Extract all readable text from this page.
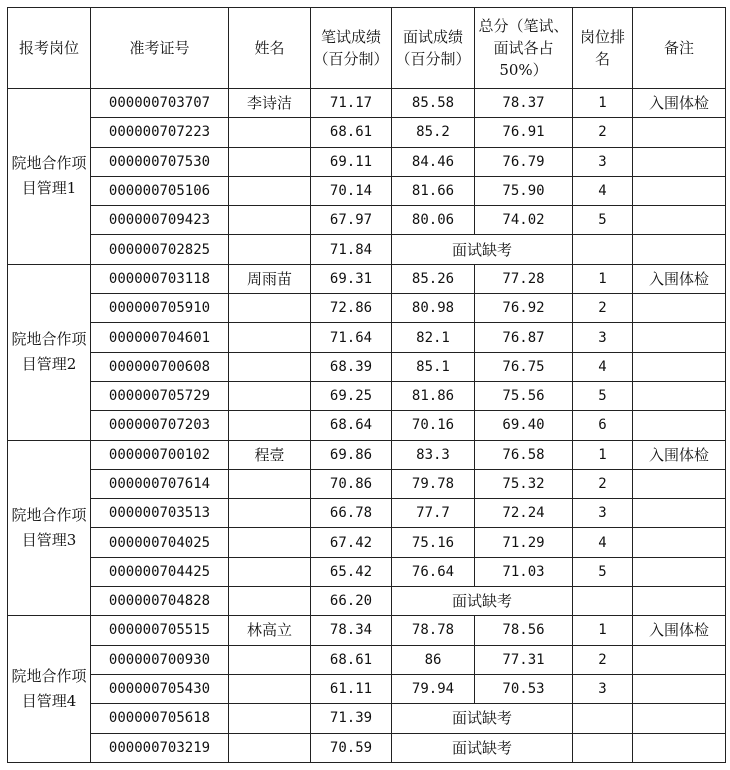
报考岗位	准考证号	姓名	笔试成绩（百分制）	面试成绩（百分制）	总分（笔试、面试各占50%）	岗位排名	备注
院地合作项目管理1	000000703707	李诗洁	71.17	85.58	78.37	1	入围体检
	000000707223		68.61	85.2	76.91	2	
	000000707530		69.11	84.46	76.79	3	
	000000705106		70.14	81.66	75.90	4	
	000000709423		67.97	80.06	74.02	5	
	000000702825		71.84	面试缺考			
院地合作项目管理2	000000703118	周雨苗	69.31	85.26	77.28	1	入围体检
	000000705910		72.86	80.98	76.92	2	
	000000704601		71.64	82.1	76.87	3	
	000000700608		68.39	85.1	76.75	4	
	000000705729		69.25	81.86	75.56	5	
	000000707203		68.64	70.16	69.40	6	
院地合作项目管理3	000000700102	程壹	69.86	83.3	76.58	1	入围体检
	000000707614		70.86	79.78	75.32	2	
	000000703513		66.78	77.7	72.24	3	
	000000704025		67.42	75.16	71.29	4	
	000000704425		65.42	76.64	71.03	5	
	000000704828		66.20	面试缺考			
院地合作项目管理4	000000705515	林高立	78.34	78.78	78.56	1	入围体检
	000000700930		68.61	86	77.31	2	
	000000705430		61.11	79.94	70.53	3	
	000000705618		71.39	面试缺考			
	000000703219		70.59	面试缺考			
